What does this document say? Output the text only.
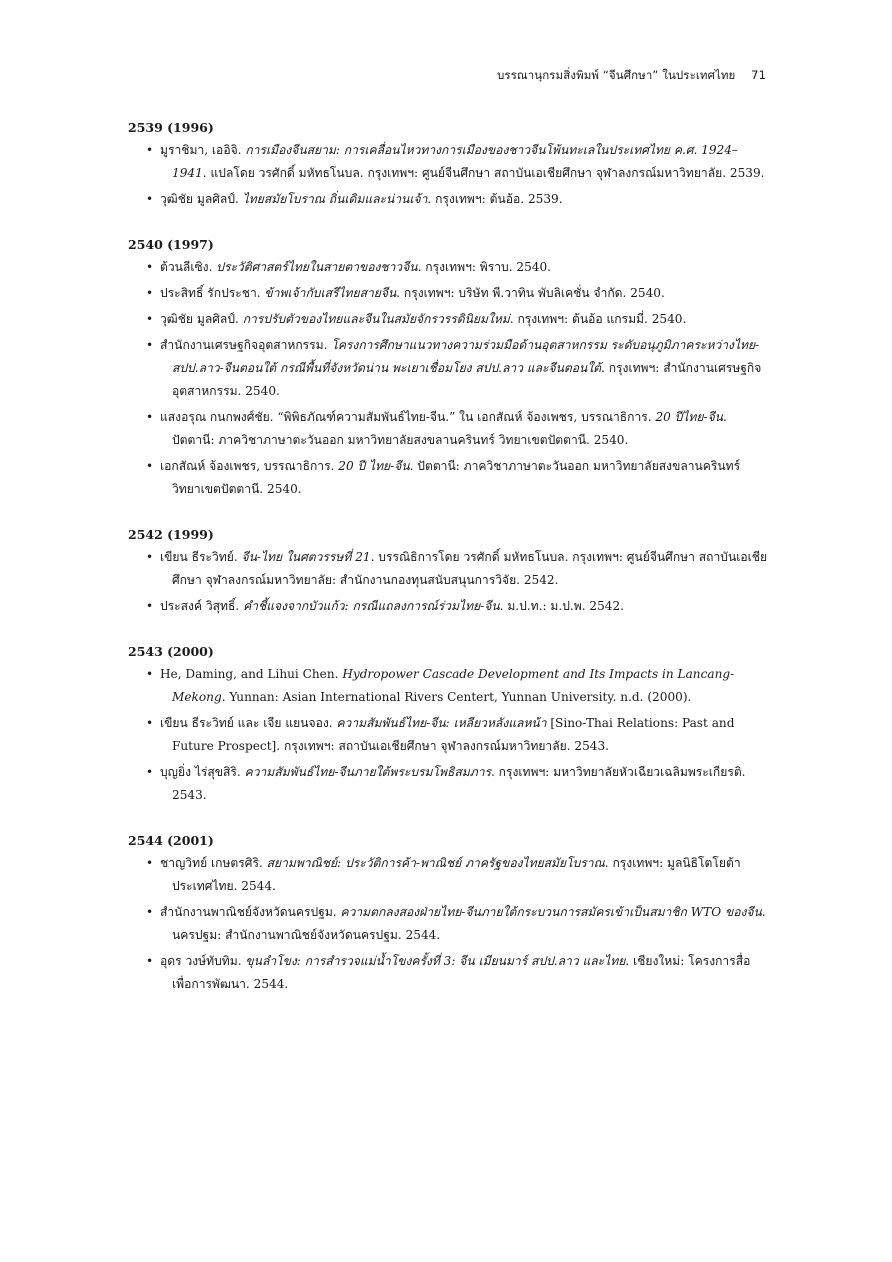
บรรณานุกรมสิ่งพิมพ์ “จีนศึกษา” ในประเทศไทย 71
2539 (1996)
• มูราชิมา, เออิจิ. การเมืองจีนสยาม: การเคลื่อนไหวทางการเมืองของชาวจีนโพ้นทะเลในประเทศไทย ค.ศ. 1924–1941. แปลโดย วรศักดิ์ มหัทธโนบล. กรุงเทพฯ: ศูนย์จีนศึกษา สถาบันเอเชียศึกษา จุฬาลงกรณ์มหาวิทยาลัย. 2539.
• วุฒิชัย มูลศิลป์. ไทยสมัยโบราณ ถิ่นเดิมและน่านเจ้า. กรุงเทพฯ: ต้นอ้อ. 2539.
2540 (1997)
• ต้วนลีเซิง. ประวัติศาสตร์ไทยในสายตาของชาวจีน. กรุงเทพฯ: พิราบ. 2540.
• ประสิทธิ์ รักประชา. ข้าพเจ้ากับเสรีไทยสายจีน. กรุงเทพฯ: บริษัท พี.วาทิน พับลิเคชั่น จำกัด. 2540.
• วุฒิชัย มูลศิลป์. การปรับตัวของไทยและจีนในสมัยจักรวรรดินิยมใหม่. กรุงเทพฯ: ต้นอ้อ แกรมมี่. 2540.
• สำนักงานเศรษฐกิจอุตสาหกรรม. โครงการศึกษาแนวทางความร่วมมือด้านอุตสาหกรรม ระดับอนุภูมิภาคระหว่างไทย-สปป.ลาว-จีนตอนใต้ กรณีพื้นที่จังหวัดน่าน พะเยาเชื่อมโยง สปป.ลาว และจีนตอนใต้. กรุงเทพฯ: สำนักงานเศรษฐกิจอุตสาหกรรม. 2540.
• แสงอรุณ กนกพงศ์ชัย. “พิพิธภัณฑ์ความสัมพันธ์ไทย-จีน.” ใน เอกสัณห์ จ้องเพชร, บรรณาธิการ. 20 ปีไทย-จีน. ปัตตานี: ภาควิชาภาษาตะวันออก มหาวิทยาลัยสงขลานครินทร์ วิทยาเขตปัตตานี. 2540.
• เอกสัณห์ จ้องเพชร, บรรณาธิการ. 20 ปี ไทย-จีน. ปัตตานี: ภาควิชาภาษาตะวันออก มหาวิทยาลัยสงขลานครินทร์ วิทยาเขตปัตตานี. 2540.
2542 (1999)
• เขียน ธีระวิทย์. จีน-ไทย ในศตวรรษที่ 21. บรรณิธิการโดย วรศักดิ์ มหัทธโนบล. กรุงเทพฯ: ศูนย์จีนศึกษา สถาบันเอเชียศึกษา จุฬาลงกรณ์มหาวิทยาลัย: สำนักงานกองทุนสนับสนุนการวิจัย. 2542.
• ประสงค์ วิสุทธิ์. คำชี้แจงจากบัวแก้ว: กรณีแถลงการณ์ร่วมไทย-จีน. ม.ป.ท.: ม.ป.พ. 2542.
2543 (2000)
• He, Daming, and Lihui Chen. Hydropower Cascade Development and Its Impacts in Lancang-Mekong. Yunnan: Asian International Rivers Centert, Yunnan University. n.d. (2000).
• เขียน ธีระวิทย์ และ เจีย แยนจอง. ความสัมพันธ์ไทย-จีน: เหลียวหลังแลหน้า [Sino-Thai Relations: Past and Future Prospect]. กรุงเทพฯ: สถาบันเอเชียศึกษา จุฬาลงกรณ์มหาวิทยาลัย. 2543.
• บุญยิ่ง ไร่สุขสิริ. ความสัมพันธ์ไทย-จีนภายใต้พระบรมโพธิสมภาร. กรุงเทพฯ: มหาวิทยาลัยหัวเฉียวเฉลิมพระเกียรติ. 2543.
2544 (2001)
• ชาญวิทย์ เกษตรศิริ. สยามพาณิชย์: ประวัติการค้า-พาณิชย์ ภาครัฐของไทยสมัยโบราณ. กรุงเทพฯ: มูลนิธิโตโยต้าประเทศไทย. 2544.
• สำนักงานพาณิชย์จังหวัดนครปฐม. ความตกลงสองฝ่ายไทย-จีนภายใต้กระบวนการสมัครเข้าเป็นสมาชิก WTO ของจีน. นครปฐม: สำนักงานพาณิชย์จังหวัดนครปฐม. 2544.
• อุดร วงษ์ทับทิม. ขุนลำโขง: การสำรวจแม่น้ำโขงครั้งที่ 3: จีน เมียนมาร์ สปป.ลาว และไทย. เชียงใหม่: โครงการสื่อเพื่อการพัฒนา. 2544.
